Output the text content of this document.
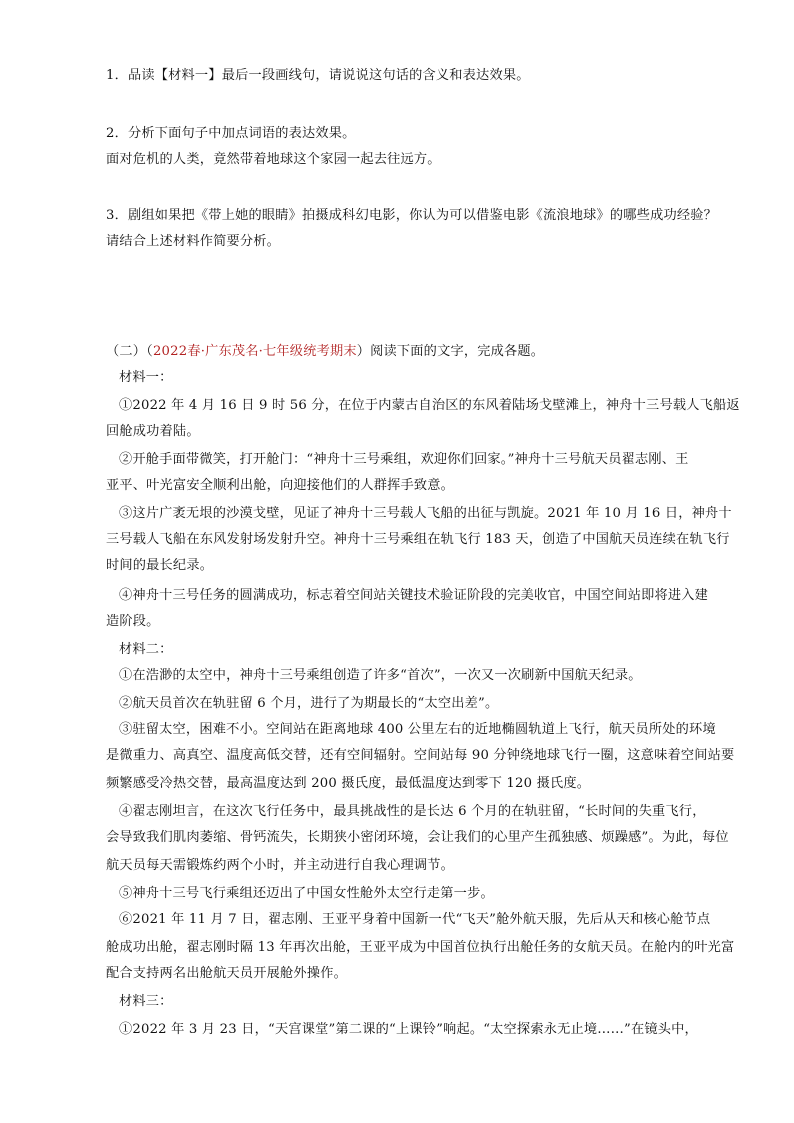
1．品读【材料一】最后一段画线句，请说说这句话的含义和表达效果。
2．分析下面句子中加点词语的表达效果。
面对危机的人类，竟然带着地球这个家园一起去往远方。
3．剧组如果把《带上她的眼睛》拍摄成科幻电影，你认为可以借鉴电影《流浪地球》的哪些成功经验？
请结合上述材料作简要分析。
（二）（2022春·广东茂名·七年级统考期末）阅读下面的文字，完成各题。
材料一：
①2022 年 4 月 16 日 9 时 56 分，在位于内蒙古自治区的东风着陆场戈壁滩上，神舟十三号载人飞船返
回舱成功着陆。
②开舱手面带微笑，打开舱门：“神舟十三号乘组，欢迎你们回家。”神舟十三号航天员翟志刚、王
亚平、叶光富安全顺利出舱，向迎接他们的人群挥手致意。
③这片广袤无垠的沙漠戈壁，见证了神舟十三号载人飞船的出征与凯旋。2021 年 10 月 16 日，神舟十
三号载人飞船在东风发射场发射升空。神舟十三号乘组在轨飞行 183 天，创造了中国航天员连续在轨飞行
时间的最长纪录。
④神舟十三号任务的圆满成功，标志着空间站关键技术验证阶段的完美收官，中国空间站即将进入建
造阶段。
材料二：
①在浩渺的太空中，神舟十三号乘组创造了许多“首次”，一次又一次刷新中国航天纪录。
②航天员首次在轨驻留 6 个月，进行了为期最长的“太空出差”。
③驻留太空，困难不小。空间站在距离地球 400 公里左右的近地椭圆轨道上飞行，航天员所处的环境
是微重力、高真空、温度高低交替，还有空间辐射。空间站每 90 分钟绕地球飞行一圈，这意味着空间站要
频繁感受冷热交替，最高温度达到 200 摄氏度，最低温度达到零下 120 摄氏度。
④翟志刚坦言，在这次飞行任务中，最具挑战性的是长达 6 个月的在轨驻留，“长时间的失重飞行，
会导致我们肌肉萎缩、骨钙流失，长期狭小密闭环境，会让我们的心里产生孤独感、烦躁感”。为此，每位
航天员每天需锻炼约两个小时，并主动进行自我心理调节。
⑤神舟十三号飞行乘组还迈出了中国女性舱外太空行走第一步。
⑥2021 年 11 月 7 日，翟志刚、王亚平身着中国新一代“飞天”舱外航天服，先后从天和核心舱节点
舱成功出舱，翟志刚时隔 13 年再次出舱，王亚平成为中国首位执行出舱任务的女航天员。在舱内的叶光富
配合支持两名出舱航天员开展舱外操作。
材料三：
①2022 年 3 月 23 日，“天宫课堂”第二课的“上课铃”响起。“太空探索永无止境……”在镜头中，
